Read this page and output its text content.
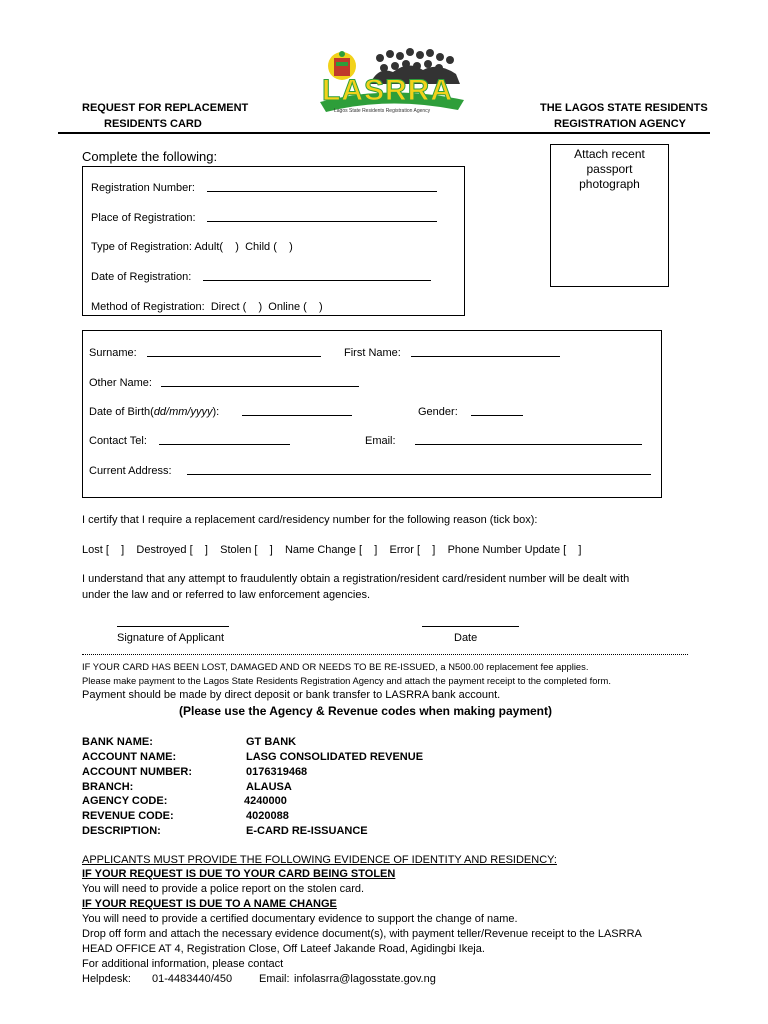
LASRRA
Lagos State Residents Registration Agency
REQUEST FOR REPLACEMENT
RESIDENTS CARD
THE LAGOS STATE RESIDENTS
REGISTRATION AGENCY
Complete the following:
Registration Number:
Place of Registration:
Type of Registration: Adult(    )  Child (    )
Date of Registration:
Method of Registration:  Direct (    )  Online (    )
Attach recent
passport
photograph
Surname:	First Name:
Other Name:
Date of Birth(dd/mm/yyyy):	Gender:
Contact Tel:	Email:
Current Address:
I certify that I require a replacement card/residency number for the following reason (tick box):
Lost [    ]    Destroyed [    ]    Stolen [    ]    Name Change [    ]    Error [    ]    Phone Number Update [    ]
I understand that any attempt to fraudulently obtain a registration/resident card/resident number will be dealt with
under the law and or referred to law enforcement agencies.
Signature of Applicant	Date
IF YOUR CARD HAS BEEN LOST, DAMAGED AND OR NEEDS TO BE RE-ISSUED, a N500.00 replacement fee applies.
Please make payment to the Lagos State Residents Registration Agency and attach the payment receipt to the completed form.
Payment should be made by direct deposit or bank transfer to LASRRA bank account.
(Please use the Agency & Revenue codes when making payment)
BANK NAME:	GT BANK
ACCOUNT NAME:	LASG CONSOLIDATED REVENUE
ACCOUNT NUMBER:	0176319468
BRANCH:	ALAUSA
AGENCY CODE:	4240000
REVENUE CODE:	4020088
DESCRIPTION:	E-CARD RE-ISSUANCE
APPLICANTS MUST PROVIDE THE FOLLOWING EVIDENCE OF IDENTITY AND RESIDENCY:
IF YOUR REQUEST IS DUE TO YOUR CARD BEING STOLEN
You will need to provide a police report on the stolen card.
IF YOUR REQUEST IS DUE TO A NAME CHANGE
You will need to provide a certified documentary evidence to support the change of name.
Drop off form and attach the necessary evidence document(s), with payment teller/Revenue receipt to the LASRRA
HEAD OFFICE AT 4, Registration Close, Off Lateef Jakande Road, Agidingbi Ikeja.
For additional information, please contact
Helpdesk: 01-4483440/450 Email: infolasrra@lagosstate.gov.ng
